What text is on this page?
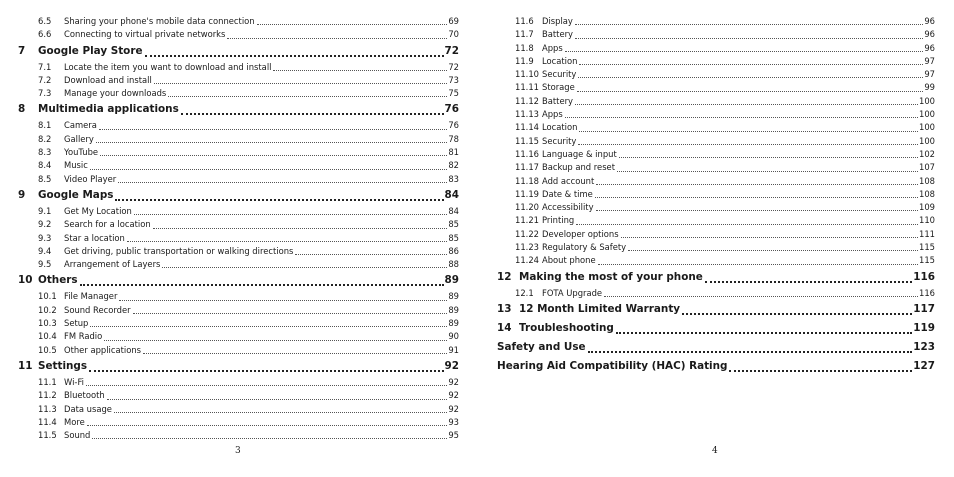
6.5	Sharing your phone's mobile data connection	69
6.6	Connecting to virtual private networks	70
7	Google Play Store	72
7.1	Locate the item you want to download and install	72
7.2	Download and install	73
7.3	Manage your downloads	75
8	Multimedia applications	76
8.1	Camera	76
8.2	Gallery	78
8.3	YouTube	81
8.4	Music	82
8.5	Video Player	83
9	Google Maps	84
9.1	Get My Location	84
9.2	Search for a location	85
9.3	Star a location	85
9.4	Get driving, public transportation or walking directions	86
9.5	Arrangement of Layers	88
10 Others	89
10.1 File Manager	89
10.2 Sound Recorder	89
10.3 Setup	89
10.4 FM Radio	90
10.5 Other applications	91
11 Settings	92
11.1 Wi-Fi	92
11.2 Bluetooth	92
11.3 Data usage	92
11.4 More	93
11.5 Sound	95
11.6 Display	96
11.7 Battery	96
11.8 Apps	96
11.9 Location	97
11.10 Security	97
11.11 Storage	99
11.12 Battery	100
11.13 Apps	100
11.14 Location	100
11.15 Security	100
11.16 Language & input	102
11.17 Backup and reset	107
11.18 Add account	108
11.19 Date & time	108
11.20 Accessibility	109
11.21 Printing	110
11.22 Developer options	111
11.23 Regulatory & Safety	115
11.24 About phone	115
12 Making the most of your phone	116
12.1 FOTA Upgrade	116
13 12 Month Limited Warranty	117
14 Troubleshooting	119
Safety and Use	123
Hearing Aid Compatibility (HAC) Rating	127
3	4
